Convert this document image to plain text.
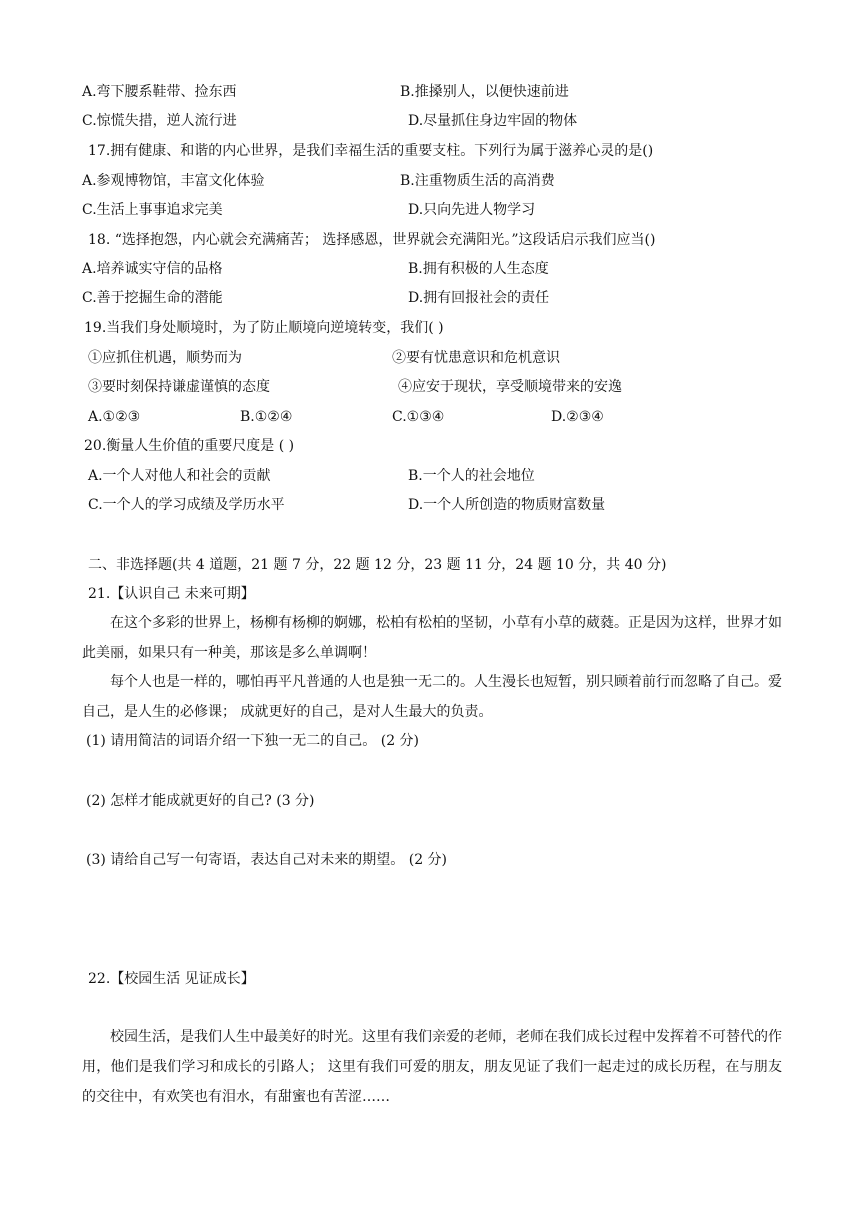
A.弯下腰系鞋带、捡东西	B.推搡别人，以便快速前进
C.惊慌失措，逆人流行进	D.尽量抓住身边牢固的物体
17.拥有健康、和谐的内心世界，是我们幸福生活的重要支柱。下列行为属于滋养心灵的是()
A.参观博物馆，丰富文化体验	B.注重物质生活的高消费
C.生活上事事追求完美	D.只向先进人物学习
18. “选择抱怨，内心就会充满痛苦； 选择感恩，世界就会充满阳光。”这段话启示我们应当()
A.培养诚实守信的品格	B.拥有积极的人生态度
C.善于挖掘生命的潜能	D.拥有回报社会的责任
19.当我们身处顺境时，为了防止顺境向逆境转变，我们( )
①应抓住机遇，顺势而为	②要有忧患意识和危机意识
③要时刻保持谦虚谨慎的态度	④应安于现状，享受顺境带来的安逸
A.①②③	B.①②④	C.①③④	D.②③④
20.衡量人生价值的重要尺度是 ( )
A.一个人对他人和社会的贡献	B.一个人的社会地位
C.一个人的学习成绩及学历水平	D.一个人所创造的物质财富数量
二、非选择题(共 4 道题，21 题 7 分，22 题 12 分，23 题 11 分，24 题 10 分，共 40 分)
21.【认识自己 未来可期】
在这个多彩的世界上，杨柳有杨柳的婀娜，松柏有松柏的坚韧，小草有小草的葳蕤。正是因为这样，世界才如此美丽，如果只有一种美，那该是多么单调啊！
每个人也是一样的，哪怕再平凡普通的人也是独一无二的。人生漫长也短暂，别只顾着前行而忽略了自己。爱自己，是人生的必修课； 成就更好的自己，是对人生最大的负责。
(1) 请用简洁的词语介绍一下独一无二的自己。 (2 分)
(2) 怎样才能成就更好的自己? (3 分)
(3) 请给自己写一句寄语，表达自己对未来的期望。 (2 分)
22.【校园生活 见证成长】
校园生活，是我们人生中最美好的时光。这里有我们亲爱的老师，老师在我们成长过程中发挥着不可替代的作用，他们是我们学习和成长的引路人； 这里有我们可爱的朋友，朋友见证了我们一起走过的成长历程，在与朋友的交往中，有欢笑也有泪水，有甜蜜也有苦涩……
